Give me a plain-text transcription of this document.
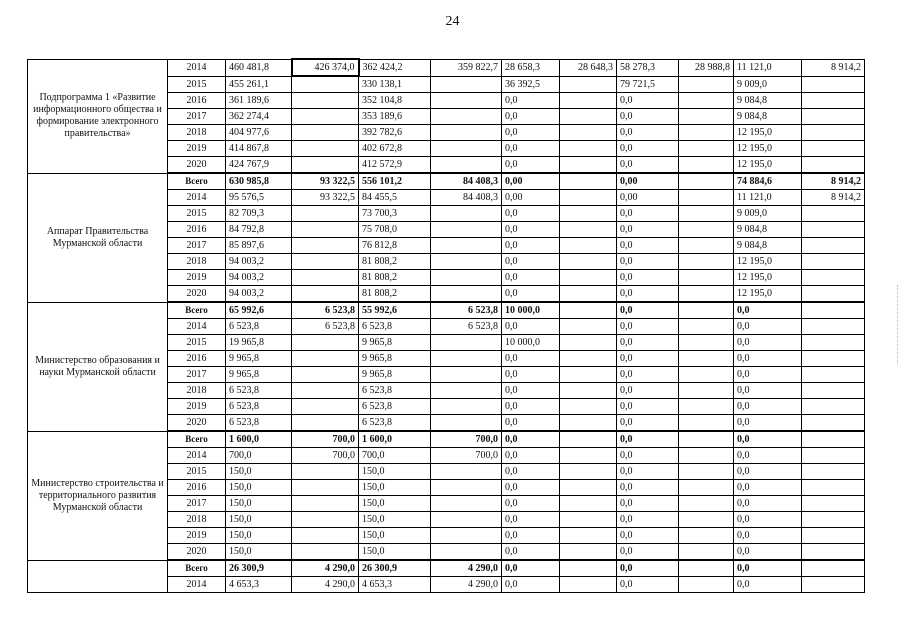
24
Подпрограмма 1 «Развитие информационного общества и формирование электронного правительства»	2014	460 481,8	426 374,0	362 424,2	359 822,7	28 658,3	28 648,3	58 278,3	28 988,8	11 121,0	8 914,2
	2015	455 261,1		330 138,1		36 392,5		79 721,5		9 009,0	
	2016	361 189,6		352 104,8		0,0		0,0		9 084,8	
	2017	362 274,4		353 189,6		0,0		0,0		9 084,8	
	2018	404 977,6		392 782,6		0,0		0,0		12 195,0	
	2019	414 867,8		402 672,8		0,0		0,0		12 195,0	
	2020	424 767,9		412 572,9		0,0		0,0		12 195,0	
Аппарат Правительства Мурманской области	Всего	630 985,8	93 322,5	556 101,2	84 408,3	0,00		0,00		74 884,6	8 914,2
	2014	95 576,5	93 322,5	84 455,5	84 408,3	0,00		0,00		11 121,0	8 914,2
	2015	82 709,3		73 700,3		0,0		0,0		9 009,0	
	2016	84 792,8		75 708,0		0,0		0,0		9 084,8	
	2017	85 897,6		76 812,8		0,0		0,0		9 084,8	
	2018	94 003,2		81 808,2		0,0		0,0		12 195,0	
	2019	94 003,2		81 808,2		0,0		0,0		12 195,0	
	2020	94 003,2		81 808,2		0,0		0,0		12 195,0	
Министерство образования и науки Мурманской области	Всего	65 992,6	6 523,8	55 992,6	6 523,8	10 000,0		0,0		0,0	
	2014	6 523,8	6 523,8	6 523,8	6 523,8	0,0		0,0		0,0	
	2015	19 965,8		9 965,8		10 000,0		0,0		0,0	
	2016	9 965,8		9 965,8		0,0		0,0		0,0	
	2017	9 965,8		9 965,8		0,0		0,0		0,0	
	2018	6 523,8		6 523,8		0,0		0,0		0,0	
	2019	6 523,8		6 523,8		0,0		0,0		0,0	
	2020	6 523,8		6 523,8		0,0		0,0		0,0	
Министерство строительства и территориального развития Мурманской области	Всего	1 600,0	700,0	1 600,0	700,0	0,0		0,0		0,0	
	2014	700,0	700,0	700,0	700,0	0,0		0,0		0,0	
	2015	150,0		150,0		0,0		0,0		0,0	
	2016	150,0		150,0		0,0		0,0		0,0	
	2017	150,0		150,0		0,0		0,0		0,0	
	2018	150,0		150,0		0,0		0,0		0,0	
	2019	150,0		150,0		0,0		0,0		0,0	
	2020	150,0		150,0		0,0		0,0		0,0	
	Всего	26 300,9	4 290,0	26 300,9	4 290,0	0,0		0,0		0,0	
	2014	4 653,3	4 290,0	4 653,3	4 290,0	0,0		0,0		0,0	
